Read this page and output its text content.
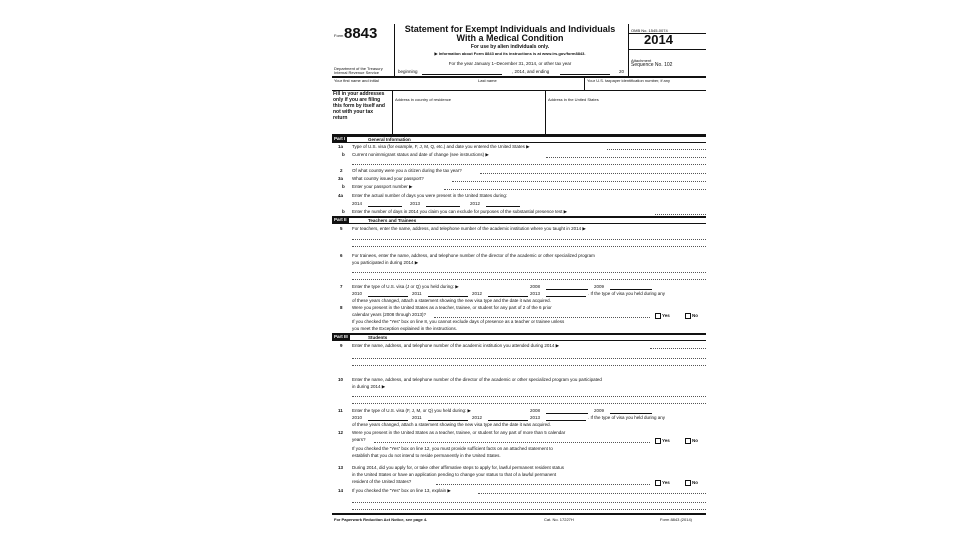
Form 8843
Department of the Treasury
Internal Revenue Service
Statement for Exempt Individuals and Individuals
With a Medical Condition
For use by alien individuals only.
▶ Information about Form 8843 and its instructions is at www.irs.gov/form8843.
For the year January 1–December 31, 2014, or other tax year
beginning	, 2014, and ending	20
OMB No. 1545-0074
2014
Attachment
Sequence No. 102
Your first name and initial	Last name	Your U.S. taxpayer identification number, if any
Fill in your addresses only if you are filing this form by itself and not with your tax return
Address in country of residence	Address in the United States
Part I	General Information
1a Type of U.S. visa (for example, F, J, M, Q, etc.) and date you entered the United States ▶
b Current nonimmigrant status and date of change (see instructions) ▶
2 Of what country were you a citizen during the tax year?
3a What country issued your passport?
b Enter your passport number ▶
4a Enter the actual number of days you were present in the United States during:
2014	2013	2012
b Enter the number of days in 2014 you claim you can exclude for purposes of the substantial presence test ▶
Part II	Teachers and Trainees
5 For teachers, enter the name, address, and telephone number of the academic institution where you taught in 2014 ▶
6 For trainees, enter the name, address, and telephone number of the director of the academic or other specialized program
you participated in during 2014 ▶
7 Enter the type of U.S. visa (J or Q) you held during: ▶	2008	2009
2010	2011	2012	2013	. If the type of visa you held during any
of these years changed, attach a statement showing the new visa type and the date it was acquired.
8 Were you present in the United States as a teacher, trainee, or student for any part of 2 of the 6 prior
calendar years (2008 through 2013)?	Yes	No
If you checked the “Yes” box on line 8, you cannot exclude days of presence as a teacher or trainee unless
you meet the Exception explained in the instructions.
Part III	Students
9 Enter the name, address, and telephone number of the academic institution you attended during 2014 ▶
10 Enter the name, address, and telephone number of the director of the academic or other specialized program you participated
in during 2014 ▶
11 Enter the type of U.S. visa (F, J, M, or Q) you held during: ▶	2008	2009
2010	2011	2012	2013	. If the type of visa you held during any
of these years changed, attach a statement showing the new visa type and the date it was acquired.
12 Were you present in the United States as a teacher, trainee, or student for any part of more than 5 calendar
years?	Yes	No
If you checked the “Yes” box on line 12, you must provide sufficient facts on an attached statement to
establish that you do not intend to reside permanently in the United States.
13 During 2014, did you apply for, or take other affirmative steps to apply for, lawful permanent resident status
in the United States or have an application pending to change your status to that of a lawful permanent
resident of the United States?	Yes	No
14 If you checked the “Yes” box on line 13, explain ▶
For Paperwork Reduction Act Notice, see page 4.	Cat. No. 17227H	Form 8843 (2014)
